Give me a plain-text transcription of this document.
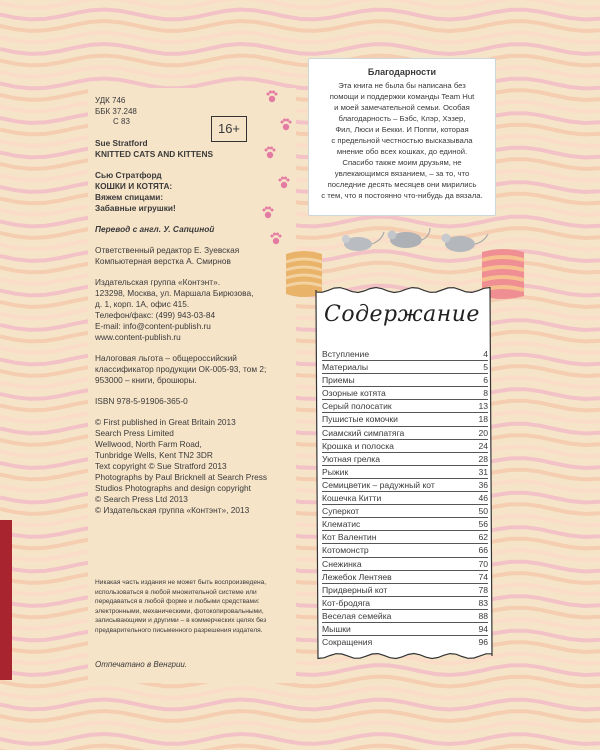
УДК 746

ББК 37.248

С 83

Sue Stratford

KNITTED CATS AND KITTENS

Сью Стратфорд

КОШКИ И КОТЯТА:

Вяжем спицами:

Забавные игрушки!

Перевод с англ. У. Сапциной

Ответственный редактор Е. Зуевская

Компьютерная верстка А. Смирнов

Издательская группа «Контэнт».

123298, Москва, ул. Маршала Бирюзова,

д. 1, корп. 1А, офис 415.

Телефон/факс: (499) 943-03-84

E-mail: info@content-publish.ru

www.content-publish.ru

Налоговая льгота – общероссийский

классификатор продукции ОК-005-93, том 2;

953000 – книги, брошюры.

ISBN 978-5-91906-365-0

© First published in Great Britain 2013

Search Press Limited

Wellwood, North Farm Road,

Tunbridge Wells, Kent TN2 3DR

Text copyright © Sue Stratford 2013

Photographs by Paul Bricknell at Search Press

Studios Photographs and design copyright

© Search Press Ltd 2013

© Издательская группа «Контэнт», 2013

16+
Никакая часть издания не может быть воспроизведена,
использоваться в любой множительной системе или
передаваться в любой форме и любыми средствами:
электронными, механическими, фотокопировальными,
записывающими и другими – в коммерческих целях без
предварительного письменного разрешения издателя.
Отпечатано в Венгрии.
Благодарности

Эта книга не была бы написана без

помощи и поддержки команды Team Hut

и моей замечательной семьи. Особая

благодарность – Бэбс, Клэр, Хэзер,

Фил, Люси и Бекки. И Поппи, которая

с предельной честностью высказывала

мнение обо всех кошках, до единой.

Спасибо также моим друзьям, не

увлекающимся вязанием, – за то, что

последние десять месяцев они мирились

с тем, что я постоянно что-нибудь да вязала.

Содержание
Вступление	4
Материалы	5
Приемы	6
Озорные котята	8
Серый полосатик	13
Пушистые комочки	18
Сиамский симпатяга	20
Крошка и полоска	24
Уютная грелка	28
Рыжик	31
Семицветик – радужный кот	36
Кошечка Китти	46
Суперкот	50
Клематис	56
Кот Валентин	62
Котомонстр	66
Снежинка	70
Лежебок Лентяев	74
Придверный кот	78
Кот-бродяга	83
Веселая семейка	88
Мышки	94
Сокращения	96
